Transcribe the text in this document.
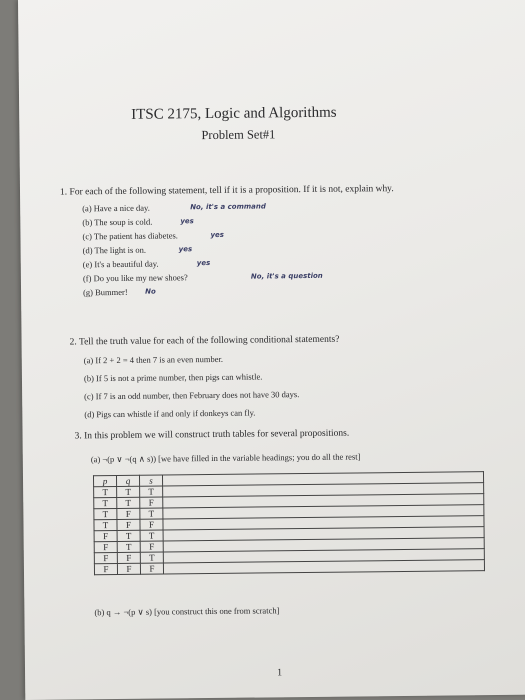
ITSC 2175, Logic and Algorithms
Problem Set#1
1. For each of the following statement, tell if it is a proposition. If it is not, explain why.
(a) Have a nice day.	No, it's a command
(b) The soup is cold.	yes
(c) The patient has diabetes.	yes
(d) The light is on.	yes
(e) It's a beautiful day.	yes
(f) Do you like my new shoes?	No, it's a question
(g) Bummer! No
2. Tell the truth value for each of the following conditional statements?
(a) If 2 + 2 = 4 then 7 is an even number.
(b) If 5 is not a prime number, then pigs can whistle.
(c) If 7 is an odd number, then February does not have 30 days.
(d) Pigs can whistle if and only if donkeys can fly.
3. In this problem we will construct truth tables for several propositions.
(a) ¬(p ∨ ¬(q ∧ s)) [we have filled in the variable headings; you do all the rest]
p	q	s	
T	T	T	
T	T	F	
T	F	T	
T	F	F	
F	T	T	
F	T	F	
F	F	T	
F	F	F	
(b) q → ¬(p ∨ s) [you construct this one from scratch]
1
